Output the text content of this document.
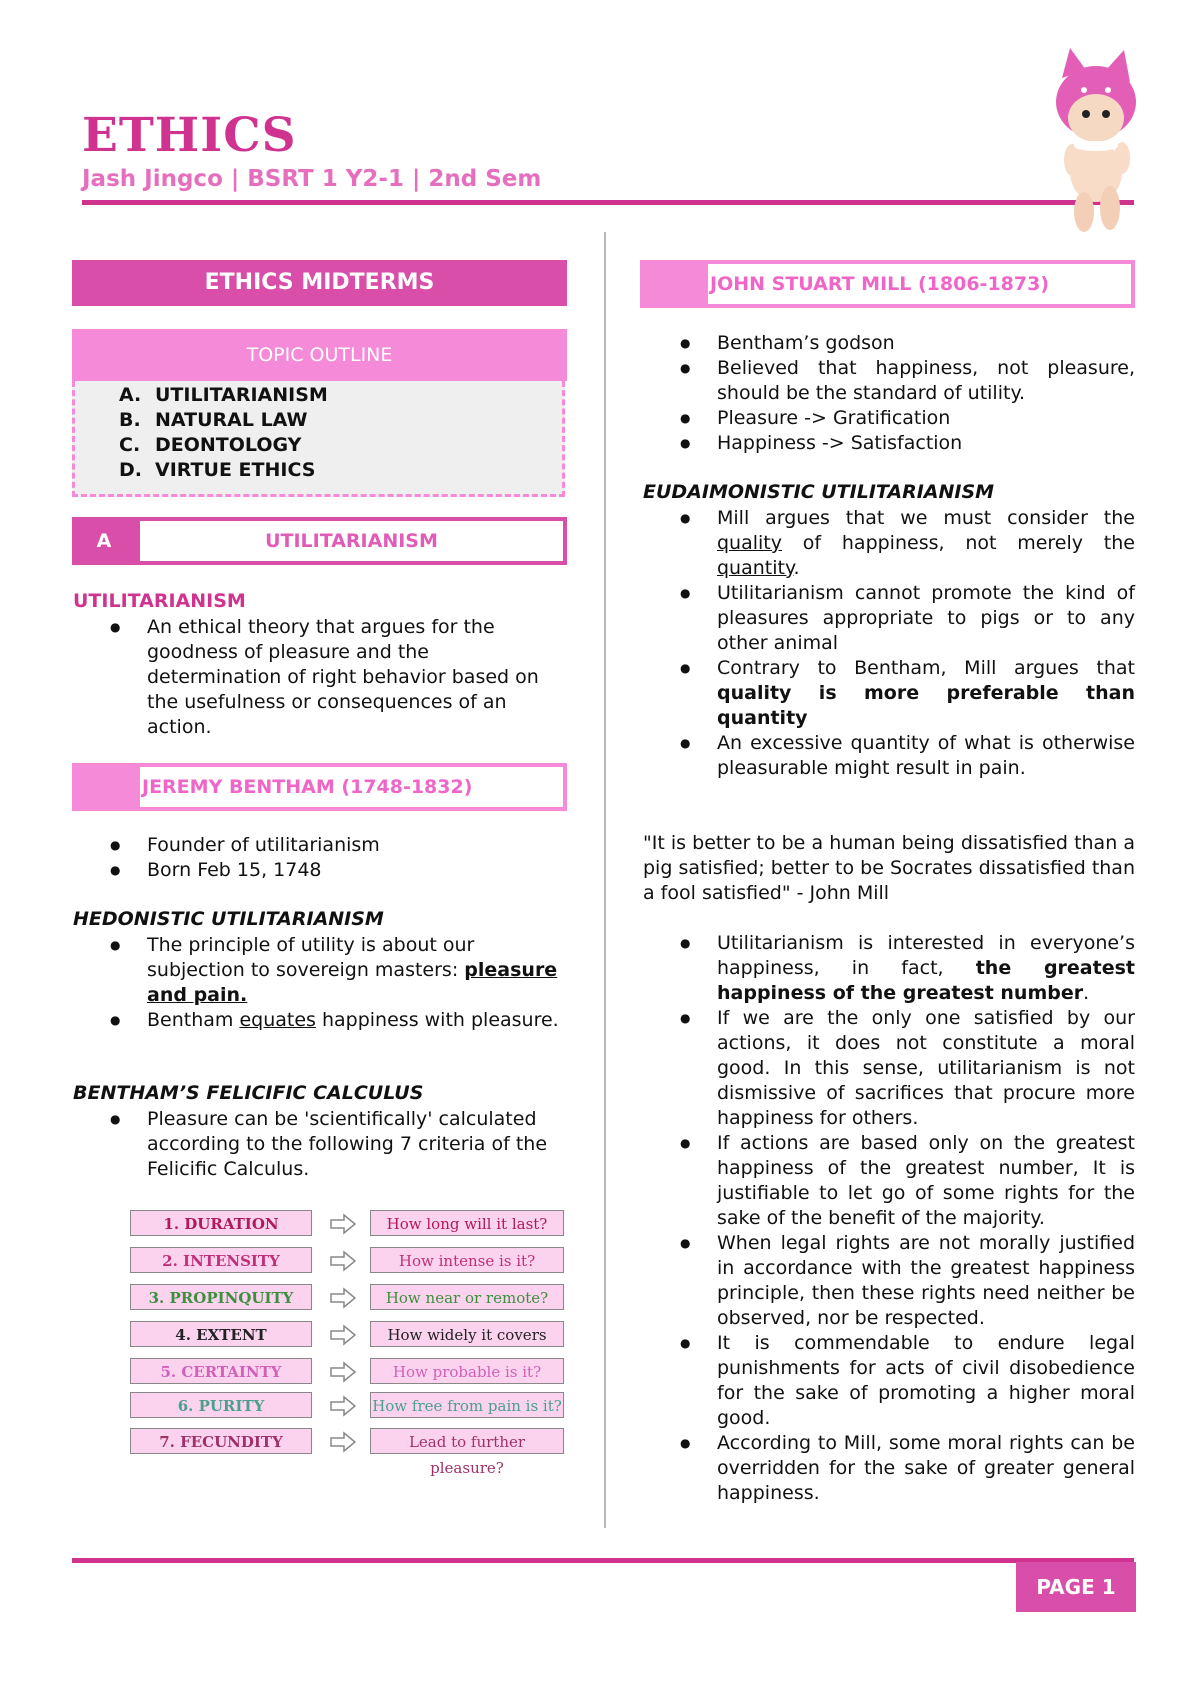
ETHICS
Jash Jingco | BSRT 1 Y2-1 | 2nd Sem
ETHICS MIDTERMS
TOPIC OUTLINE
A. UTILITARIANISM
B. NATURAL LAW
C. DEONTOLOGY
D. VIRTUE ETHICS
A	UTILITARIANISM
UTILITARIANISM
● An ethical theory that argues for the goodness of pleasure and the determination of right behavior based on the usefulness or consequences of an action.
JEREMY BENTHAM (1748-1832)
● Founder of utilitarianism
● Born Feb 15, 1748
HEDONISTIC UTILITARIANISM
● The principle of utility is about our subjection to sovereign masters: pleasure and pain.
● Bentham equates happiness with pleasure.
BENTHAM’S FELICIFIC CALCULUS
● Pleasure can be 'scientifically' calculated according to the following 7 criteria of the Felicific Calculus.
1. DURATION	How long will it last?
2. INTENSITY	How intense is it?
3. PROPINQUITY	How near or remote?
4. EXTENT	How widely it covers
5. CERTAINTY	How probable is it?
6. PURITY	How free from pain is it?
7. FECUNDITY	Lead to further pleasure?
JOHN STUART MILL (1806-1873)
● Bentham’s godson
● Believed that happiness, not pleasure, should be the standard of utility.
● Pleasure -> Gratification
● Happiness -> Satisfaction
EUDAIMONISTIC UTILITARIANISM
● Mill argues that we must consider the quality of happiness, not merely the quantity.
● Utilitarianism cannot promote the kind of pleasures appropriate to pigs or to any other animal
● Contrary to Bentham, Mill argues that quality is more preferable than quantity
● An excessive quantity of what is otherwise pleasurable might result in pain.
"It is better to be a human being dissatisfied than a pig satisfied; better to be Socrates dissatisfied than a fool satisfied" - John Mill
● Utilitarianism is interested in everyone’s happiness, in fact, the greatest happiness of the greatest number.
● If we are the only one satisfied by our actions, it does not constitute a moral good. In this sense, utilitarianism is not dismissive of sacrifices that procure more happiness for others.
● If actions are based only on the greatest happiness of the greatest number, It is justifiable to let go of some rights for the sake of the benefit of the majority.
● When legal rights are not morally justified in accordance with the greatest happiness principle, then these rights need neither be observed, nor be respected.
● It is commendable to endure legal punishments for acts of civil disobedience for the sake of promoting a higher moral good.
● According to Mill, some moral rights can be overridden for the sake of greater general happiness.
PAGE 1
